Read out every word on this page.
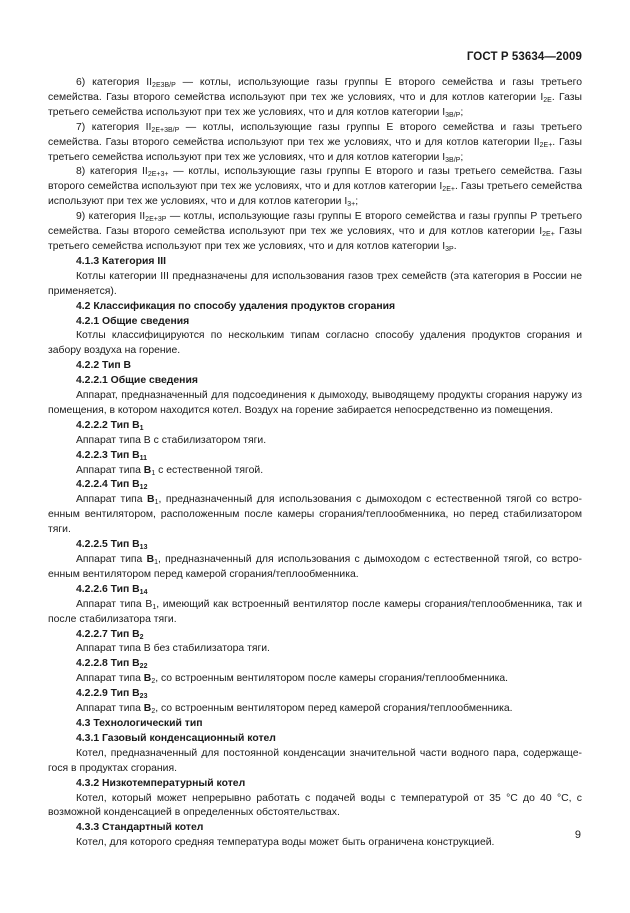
ГОСТ Р 53634—2009

6) категория $II_{2Е3В/Р}$ — котлы, использующие газы группы Е второго семейства и газы третьего семейства. Газы второго семейства используют при тех же условиях, что и для котлов категории $I_{2Е}$. Газы третьего семейства используют при тех же условиях, что и для котлов категории $I_{3В/Р}$;

7) категория $II_{2Е+3В/Р}$ — котлы, использующие газы группы Е второго семейства и газы третьего семейства. Газы второго семейства используют при тех же условиях, что и для котлов категории $II_{2Е+}$. Газы третьего семейства используют при тех же условиях, что и для котлов категории $I_{3В/Р}$;

8) категория $II_{2Е+3+}$ — котлы, использующие газы группы Е второго и газы третьего семейства. Газы второго семейства используют при тех же условиях, что и для котлов категории $I_{2Е+}$. Газы третьего семейства используют при тех же условиях, что и для котлов категории $I_{3+}$;

9) категория $II_{2Е+3Р}$ — котлы, использующие газы группы Е второго семейства и газы группы Р третьего семейства. Газы второго семейства используют при тех же условиях, что и для котлов категории $I_{2Е+}$ Газы третьего семейства используют при тех же условиях, что и для котлов категории $I_{3Р}$.

4.1.3 Категория III

Котлы категории III предназначены для использования газов трех семейств (эта категория в России не применяется).

4.2 Классификация по способу удаления продуктов сгорания

4.2.1 Общие сведения

Котлы классифицируются по нескольким типам согласно способу удаления продуктов сгорания и забору воздуха на горение.

4.2.2 Тип В

4.2.2.1 Общие сведения

Аппарат, предназначенный для подсоединения к дымоходу, выводящему продукты сгорания наружу из помещения, в котором находится котел. Воздух на горение забирается непосредственно из помещения.

4.2.2.2 Тип $В_1$

Аппарат типа В с стабилизатором тяги.

4.2.2.3 Тип $В_{11}$

Аппарат типа $В_1$ с естественной тягой.

4.2.2.4 Тип $В_{12}$

Аппарат типа $В_1$, предназначенный для использования с дымоходом с естественной тягой со встроенным вентилятором, расположенным после камеры сгорания/теплообменника, но перед стабилизатором тяги.

4.2.2.5 Тип $В_{13}$

Аппарат типа $В_1$, предназначенный для использования с дымоходом с естественной тягой, со встроенным вентилятором перед камерой сгорания/теплообменника.

4.2.2.6 Тип $В_{14}$

Аппарат типа $В_1$, имеющий как встроенный вентилятор после камеры сгорания/теплообменника, так и после стабилизатора тяги.

4.2.2.7 Тип $В_2$

Аппарат типа В без стабилизатора тяги.

4.2.2.8 Тип $В_{22}$

Аппарат типа $В_2$, со встроенным вентилятором после камеры сгорания/теплообменника.

4.2.2.9 Тип $В_{23}$

Аппарат типа $В_2$, со встроенным вентилятором перед камерой сгорания/теплообменника.

4.3 Технологический тип

4.3.1 Газовый конденсационный котел

Котел, предназначенный для постоянной конденсации значительной части водного пара, содержащегося в продуктах сгорания.

4.3.2 Низкотемпературный котел

Котел, который может непрерывно работать с подачей воды с температурой от 35 °С до 40 °С, с возможной конденсацией в определенных обстоятельствах.

4.3.3 Стандартный котел

Котел, для которого средняя температура воды может быть ограничена конструкцией.

9
